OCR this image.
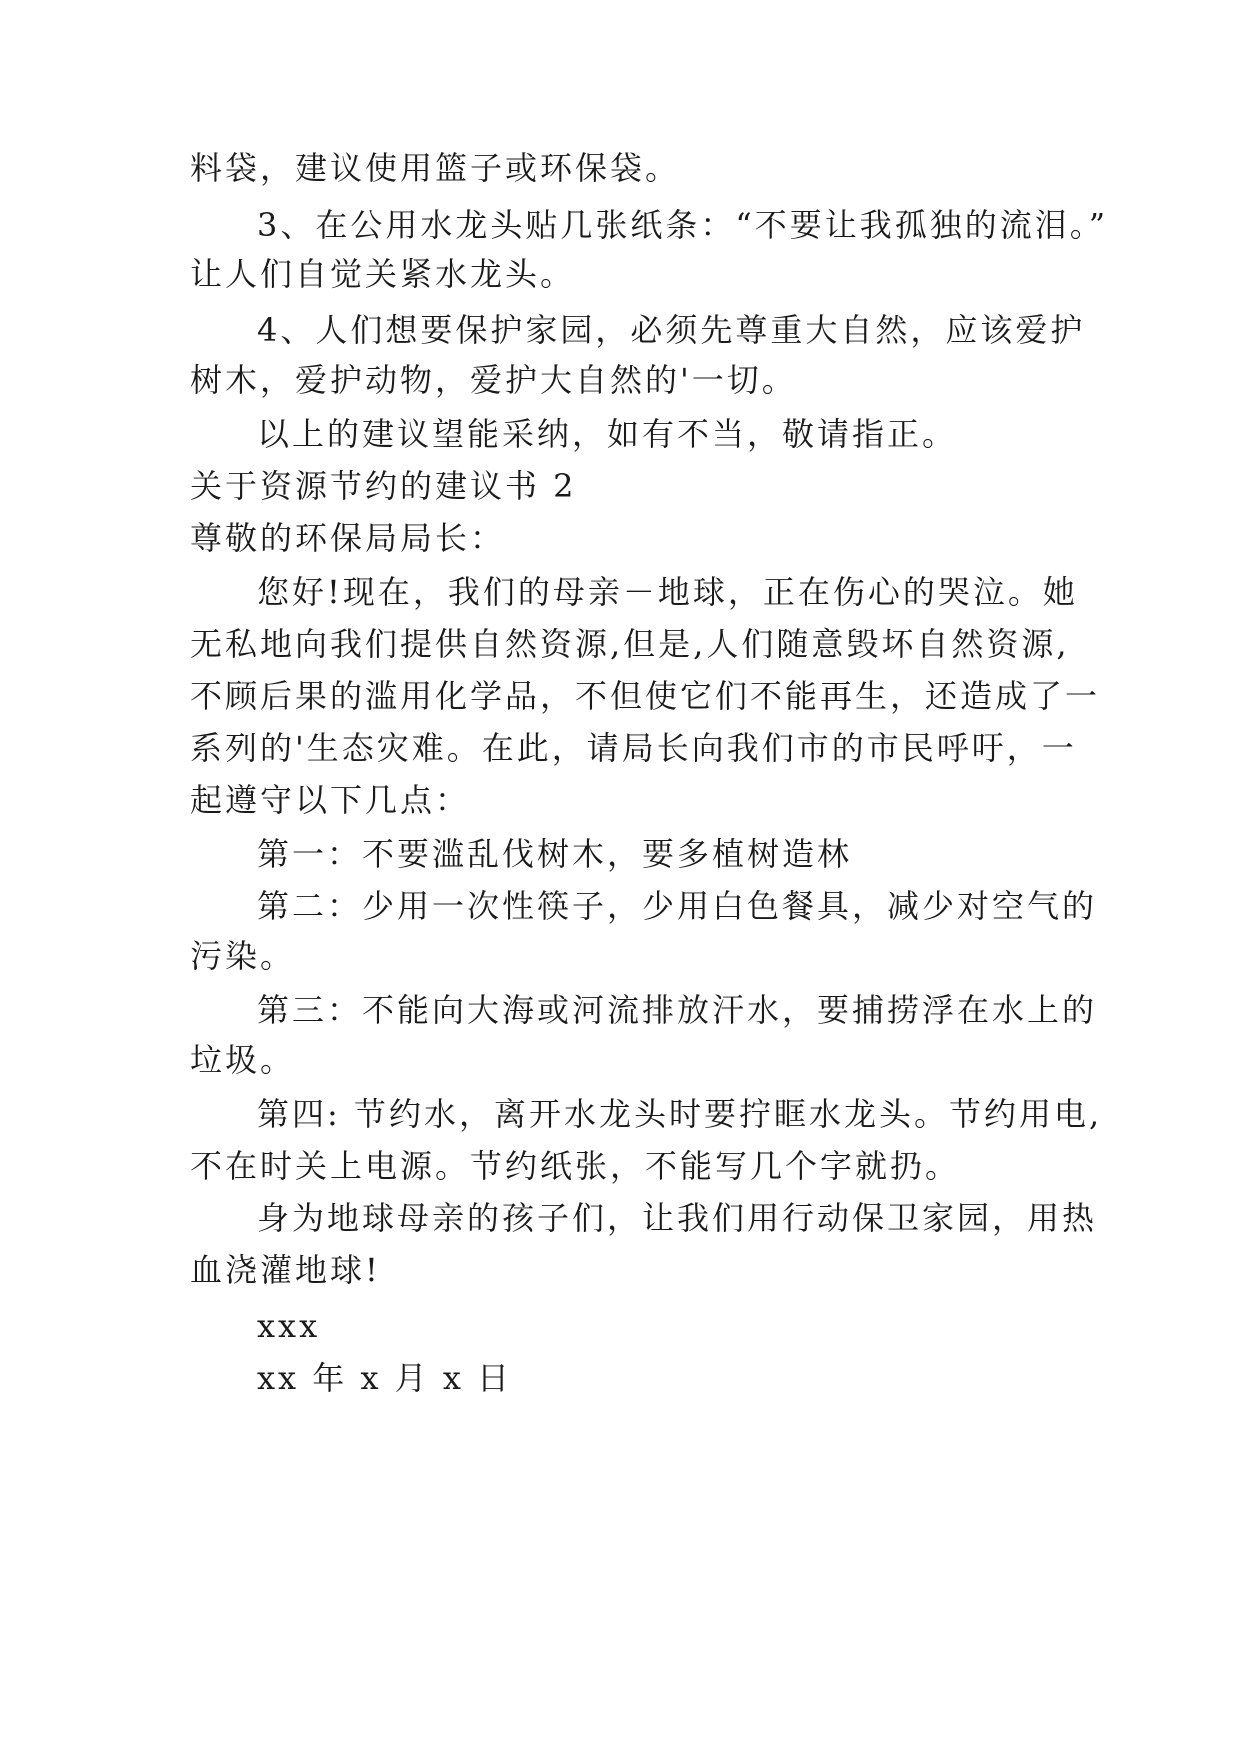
料袋，建议使用篮子或环保袋。
3、在公用水龙头贴几张纸条：“不要让我孤独的流泪。”
让人们自觉关紧水龙头。
4、人们想要保护家园，必须先尊重大自然，应该爱护
树木，爱护动物，爱护大自然的'一切。
以上的建议望能采纳，如有不当，敬请指正。
关于资源节约的建议书 2
尊敬的环保局局长：
您好!现在，我们的母亲－地球，正在伤心的哭泣。她
无私地向我们提供自然资源,但是,人们随意毁坏自然资源,
不顾后果的滥用化学品，不但使它们不能再生，还造成了一
系列的'生态灾难。在此，请局长向我们市的市民呼吁，一
起遵守以下几点：
第一：不要滥乱伐树木，要多植树造林
第二：少用一次性筷子，少用白色餐具，减少对空气的
污染。
第三：不能向大海或河流排放汗水，要捕捞浮在水上的
垃圾。
第四: 节约水，离开水龙头时要拧眶水龙头。节约用电,
不在时关上电源。节约纸张，不能写几个字就扔。
身为地球母亲的孩子们，让我们用行动保卫家园，用热
血浇灌地球!
xxx
xx 年 x 月 x 日
